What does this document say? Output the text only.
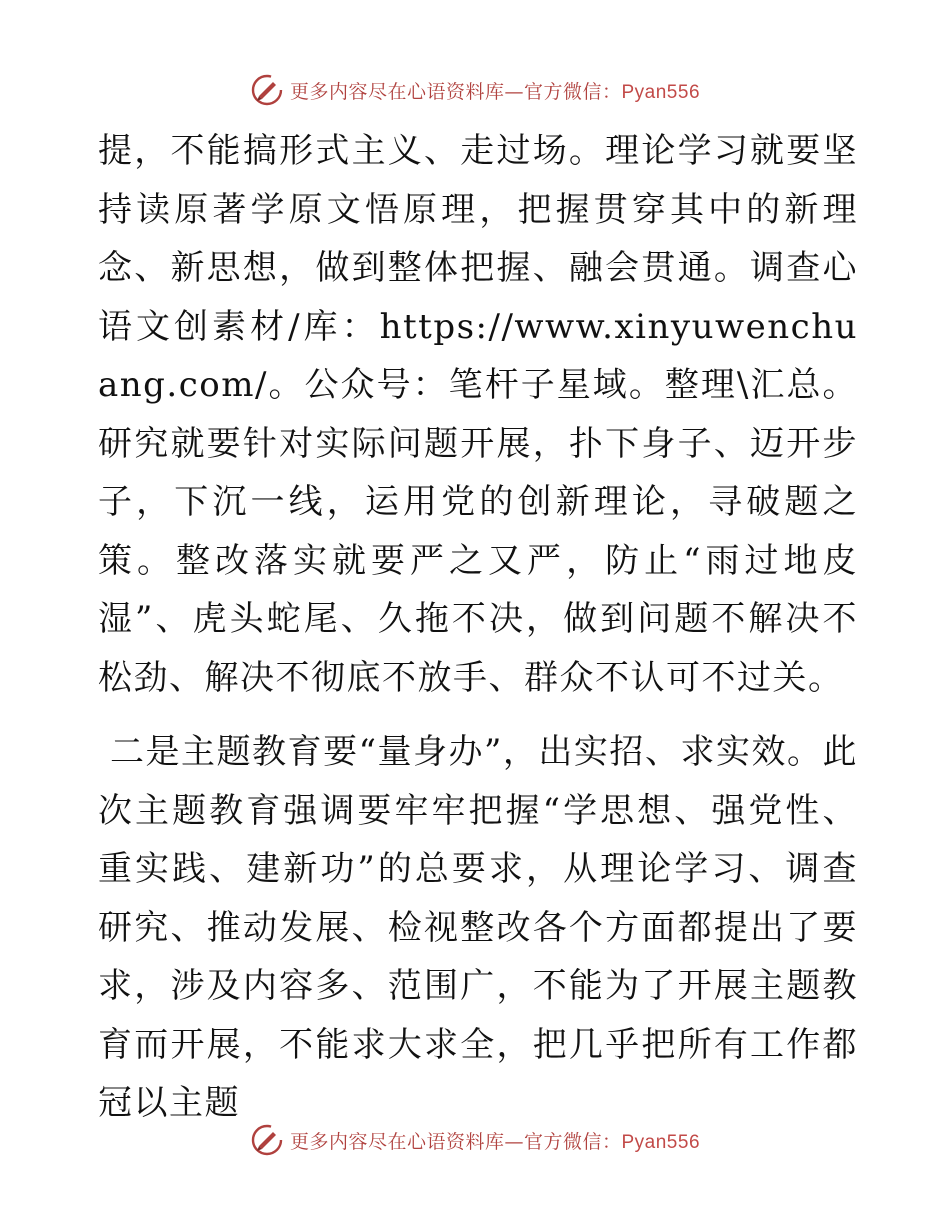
更多内容尽在心语资料库—官方微信：Pyan556

提，不能搞形式主义、走过场。理论学习就要坚持读原著学原文悟原理，把握贯穿其中的新理念、新思想，做到整体把握、融会贯通。调查心语文创素材/库：https://www.xinyuwenchuang.com/。公众号：笔杆子星域。整理\汇总。研究就要针对实际问题开展，扑下身子、迈开步子，下沉一线，运用党的创新理论，寻破题之策。整改落实就要严之又严，防止“雨过地皮湿”、虎头蛇尾、久拖不决，做到问题不解决不松劲、解决不彻底不放手、群众不认可不过关。

二是主题教育要“量身办”，出实招、求实效。此次主题教育强调要牢牢把握“学思想、强党性、重实践、建新功”的总要求，从理论学习、调查研究、推动发展、检视整改各个方面都提出了要求，涉及内容多、范围广，不能为了开展主题教育而开展，不能求大求全，把几乎把所有工作都冠以主题

更多内容尽在心语资料库—官方微信：Pyan556
